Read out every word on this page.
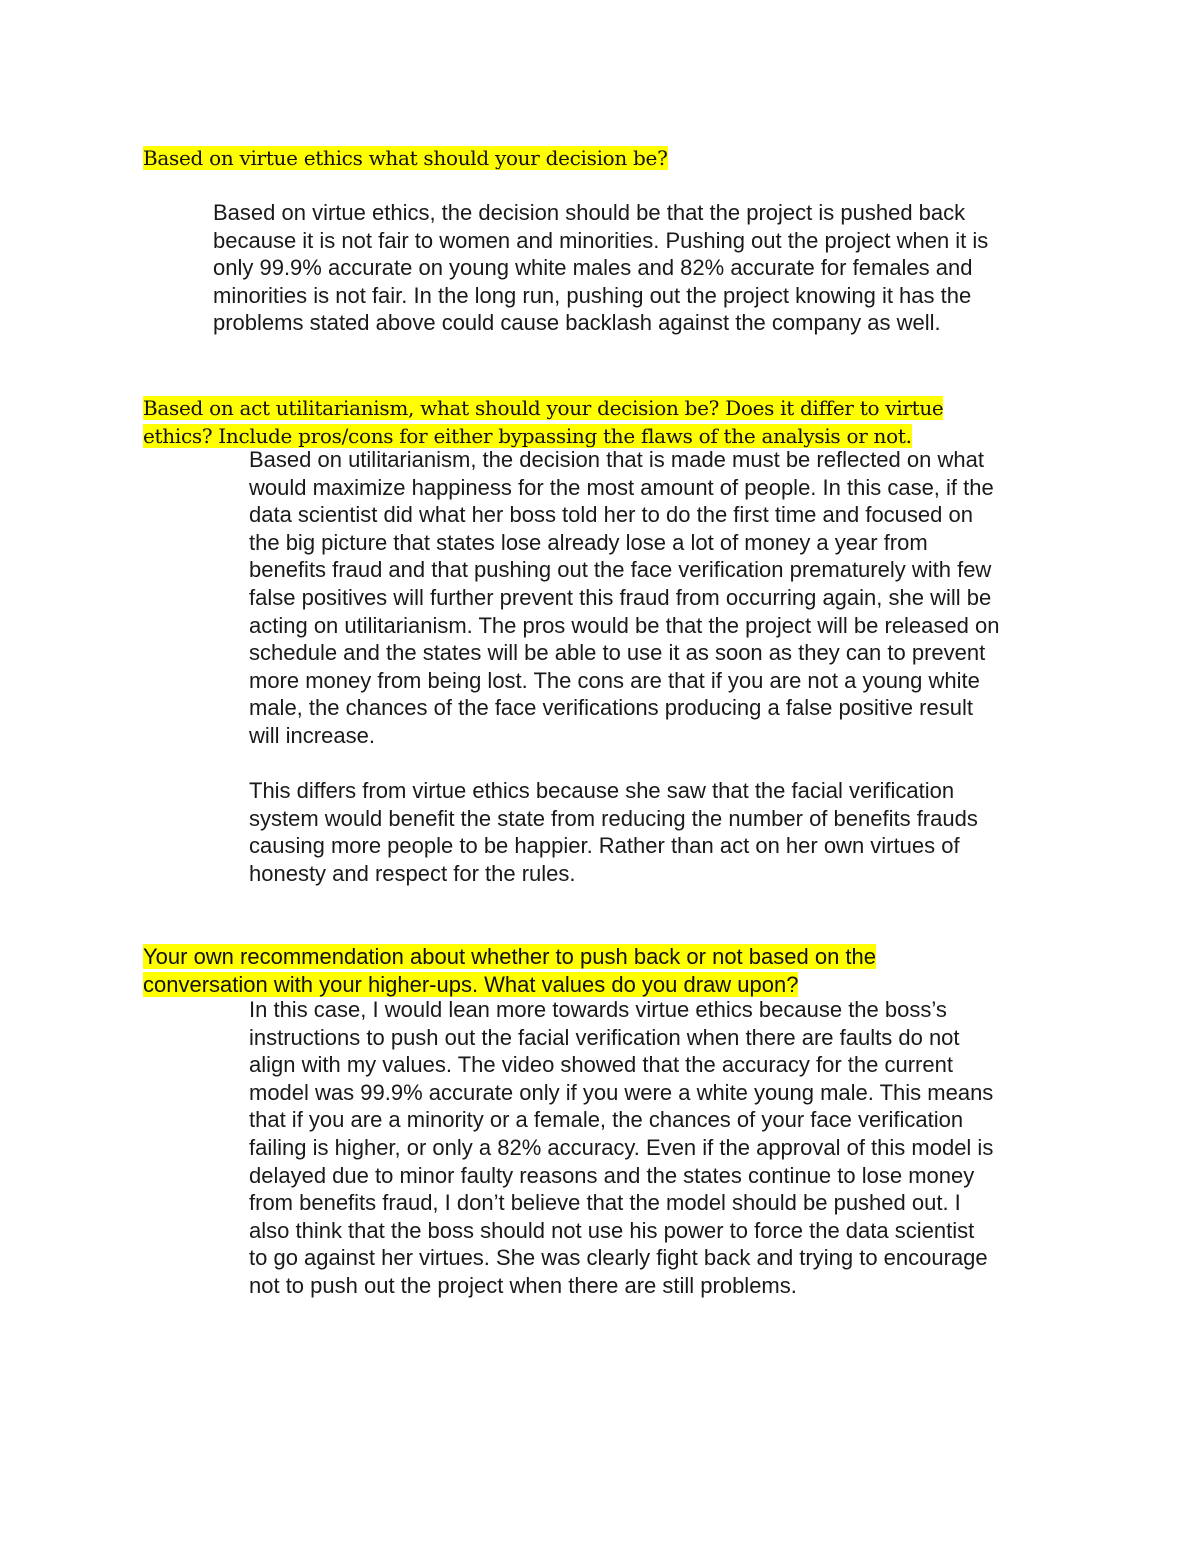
Based on virtue ethics what should your decision be?

Based on virtue ethics, the decision should be that the project is pushed back
because it is not fair to women and minorities. Pushing out the project when it is
only 99.9% accurate on young white males and 82% accurate for females and
minorities is not fair. In the long run, pushing out the project knowing it has the
problems stated above could cause backlash against the company as well.

Based on act utilitarianism, what should your decision be? Does it differ to virtue
ethics? Include pros/cons for either bypassing the flaws of the analysis or not.

Based on utilitarianism, the decision that is made must be reflected on what
would maximize happiness for the most amount of people. In this case, if the
data scientist did what her boss told her to do the first time and focused on
the big picture that states lose already lose a lot of money a year from
benefits fraud and that pushing out the face verification prematurely with few
false positives will further prevent this fraud from occurring again, she will be
acting on utilitarianism. The pros would be that the project will be released on
schedule and the states will be able to use it as soon as they can to prevent
more money from being lost. The cons are that if you are not a young white
male, the chances of the face verifications producing a false positive result
will increase.

This differs from virtue ethics because she saw that the facial verification
system would benefit the state from reducing the number of benefits frauds
causing more people to be happier. Rather than act on her own virtues of
honesty and respect for the rules.

Your own recommendation about whether to push back or not based on the
conversation with your higher-ups. What values do you draw upon?

In this case, I would lean more towards virtue ethics because the boss’s
instructions to push out the facial verification when there are faults do not
align with my values. The video showed that the accuracy for the current
model was 99.9% accurate only if you were a white young male. This means
that if you are a minority or a female, the chances of your face verification
failing is higher, or only a 82% accuracy. Even if the approval of this model is
delayed due to minor faulty reasons and the states continue to lose money
from benefits fraud, I don’t believe that the model should be pushed out. I
also think that the boss should not use his power to force the data scientist
to go against her virtues. She was clearly fight back and trying to encourage
not to push out the project when there are still problems.
